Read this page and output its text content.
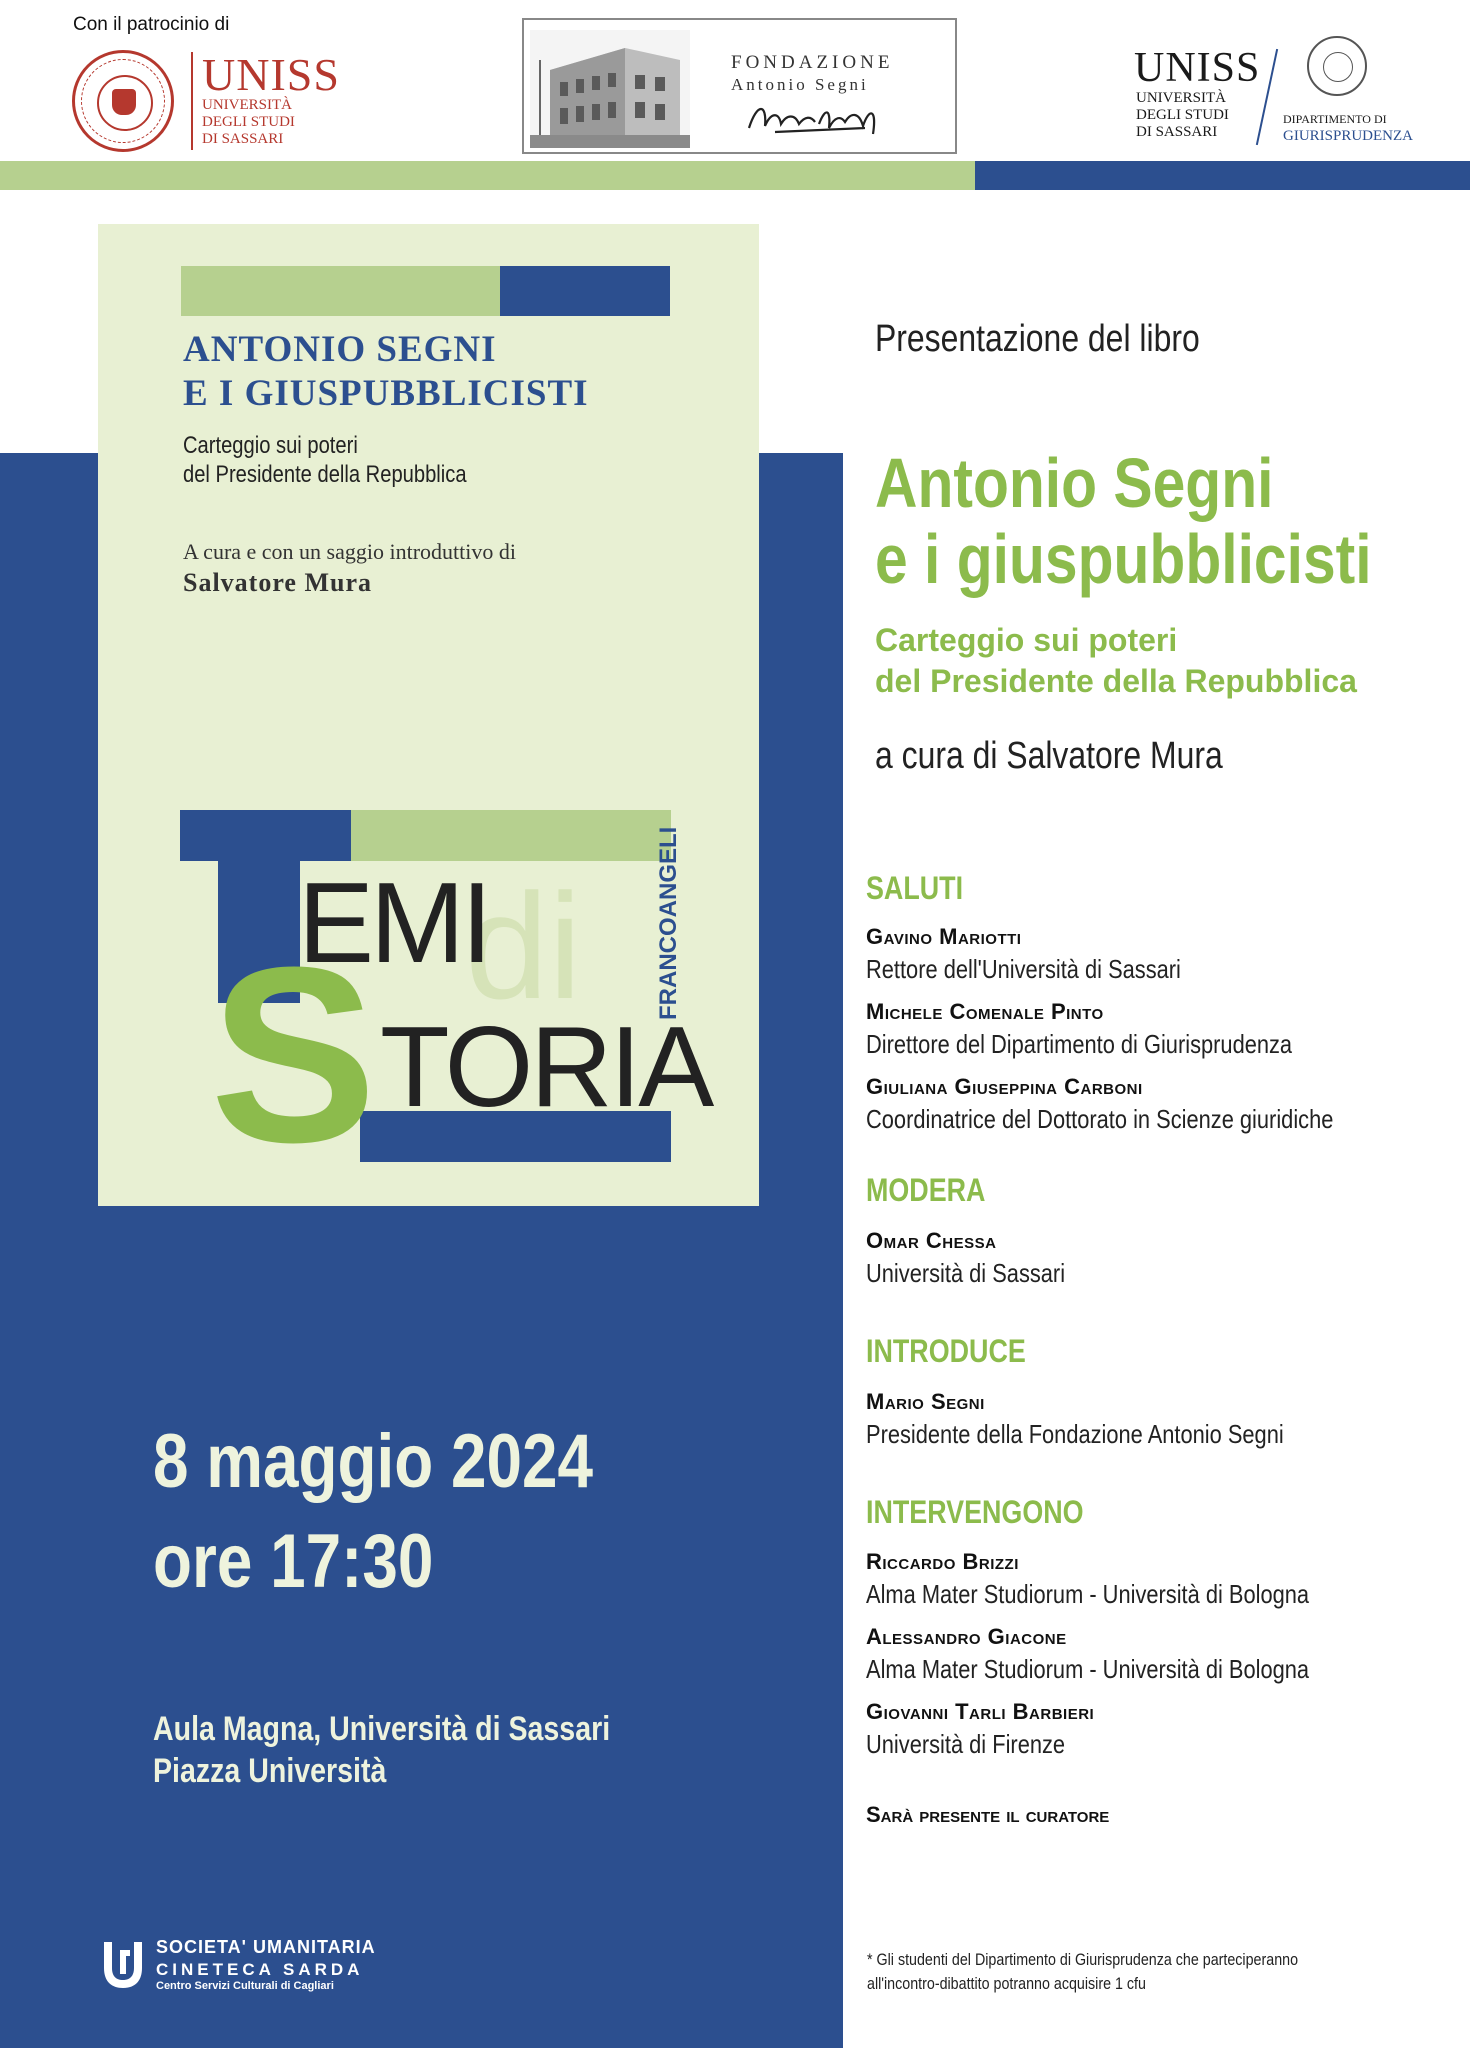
Con il patrocinio di
UNISS
UNIVERSITÀ
DEGLI STUDI
DI SASSARI
FONDAZIONE
Antonio Segni	UNISS
UNIVERSITÀ
DEGLI STUDI
DI SASSARI
DIPARTIMENTO DI
GIURISPRUDENZA
ANTONIO SEGNI
E I GIUSPUBBLICISTI
Carteggio sui poteri
del Presidente della Repubblica
A cura e con un saggio introduttivo di
Salvatore Mura
di
EMI
S TORIA
FRANCOANGELI
8 maggio 2024
ore 17:30
Aula Magna, Università di Sassari
Piazza Università
SOCIETA' UMANITARIA
CINETECA SARDA
Centro Servizi Culturali di Cagliari
Presentazione del libro
Antonio Segni
e i giuspubblicisti
Carteggio sui poteri
del Presidente della Repubblica
a cura di Salvatore Mura
SALUTI
Gavino Mariotti
Rettore dell'Università di Sassari
Michele Comenale Pinto
Direttore del Dipartimento di Giurisprudenza
Giuliana Giuseppina Carboni
Coordinatrice del Dottorato in Scienze giuridiche
MODERA
Omar Chessa
Università di Sassari
INTRODUCE
Mario Segni
Presidente della Fondazione Antonio Segni
INTERVENGONO
Riccardo Brizzi
Alma Mater Studiorum - Università di Bologna
Alessandro Giacone
Alma Mater Studiorum - Università di Bologna
Giovanni Tarli Barbieri
Università di Firenze
Sarà presente il curatore
* Gli studenti del Dipartimento di Giurisprudenza che parteciperanno
all'incontro-dibattito potranno acquisire 1 cfu
